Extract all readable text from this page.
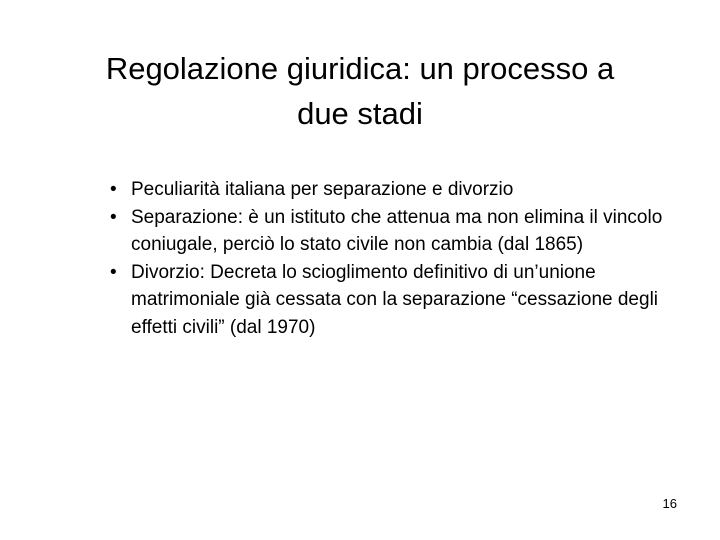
Regolazione giuridica: un processo a
due stadi
• Peculiarità italiana per separazione e divorzio
• Separazione: è un istituto che attenua ma non elimina il vincolo coniugale, perciò lo stato civile non cambia (dal 1865)
• Divorzio: Decreta lo scioglimento definitivo di un’unione matrimoniale già cessata con la separazione “cessazione degli effetti civili” (dal 1970)
16
